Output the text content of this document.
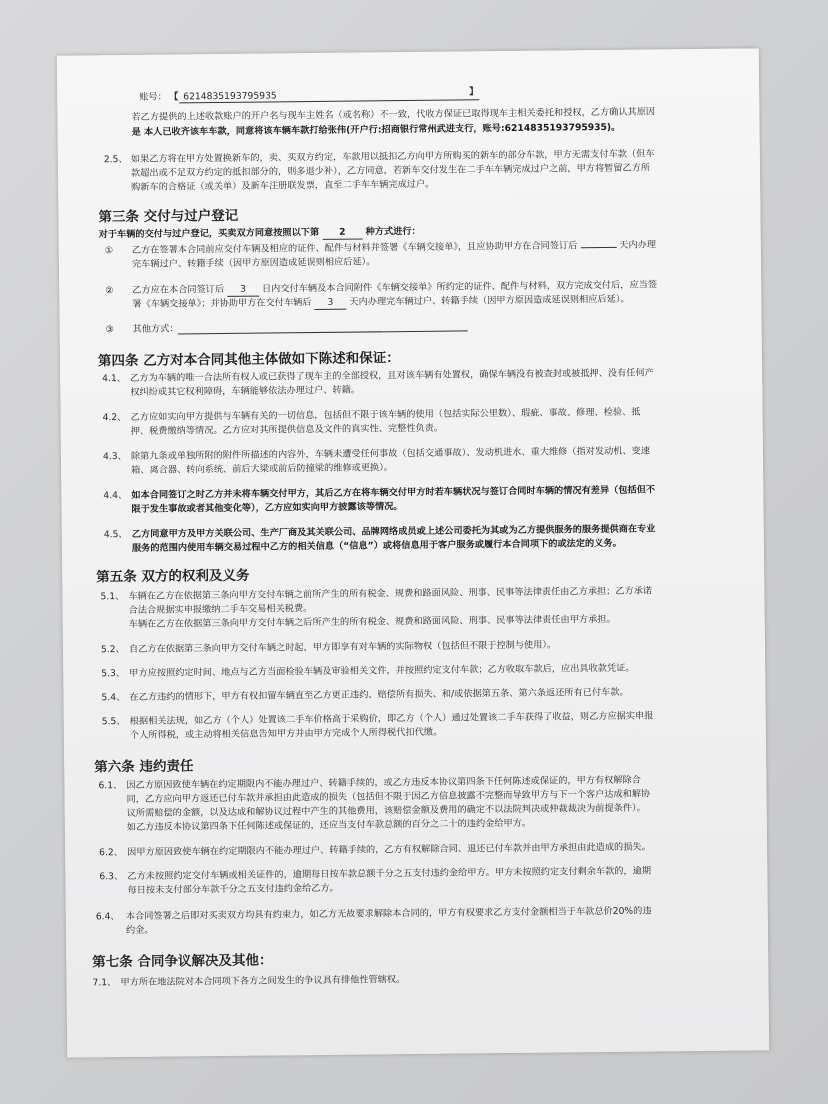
账号： 【 6214835193795935	】
若乙方提供的上述收款账户的开户名与现车主姓名（或名称）不一致，代收方保证已取得现车主相关委托和授权，乙方确认其原因
是 本人已收齐该车车款，同意将该车辆车款打给张伟(开户行:招商银行常州武进支行，账号:6214835193795935)。
2.5、 如果乙方将在甲方处置换新车的，卖、买双方约定，车款用以抵扣乙方向甲方所购买的新车的部分车款，甲方无需支付车款（但车
款超出或不足双方约定的抵扣部分的，则多退少补），乙方同意，若新车交付发生在二手车车辆完成过户之前，甲方将暂留乙方所
购新车的合格证（或关单）及新车注册联发票，直至二手车车辆完成过户。
第三条 交付与过户登记
对于车辆的交付与过户登记，买卖双方同意按照以下第 2 种方式进行：
① 乙方在签署本合同前应交付车辆及相应的证件、配件与材料并签署《车辆交接单》，且应协助甲方在合同签订后	天内办理
完车辆过户、转籍手续（因甲方原因造成延误则相应后延）。
② 乙方应在本合同签订后 3 日内交付车辆及本合同附件《车辆交接单》所约定的证件、配件与材料，双方完成交付后，应当签
署《车辆交接单》；并协助甲方在交付车辆后 3 天内办理完车辆过户、转籍手续（因甲方原因造成延误则相应后延）。
③ 其他方式：
第四条 乙方对本合同其他主体做如下陈述和保证：
4.1、 乙方为车辆的唯一合法所有权人或已获得了现车主的全部授权，且对该车辆有处置权，确保车辆没有被查封或被抵押、没有任何产
权纠纷或其它权利障碍，车辆能够依法办理过户、转籍。
4.2、 乙方应如实向甲方提供与车辆有关的一切信息，包括但不限于该车辆的使用（包括实际公里数）、瑕疵、事故、修理、检验、抵
押、税费缴纳等情况。乙方应对其所提供信息及文件的真实性、完整性负责。
4.3、 除第九条或单独所附的附件所描述的内容外，车辆未遭受任何事故（包括交通事故）、发动机进水、重大维修（指对发动机、变速
箱、离合器、转向系统、前后大梁或前后防撞梁的维修或更换）。
4.4、 如本合同签订之时乙方并未将车辆交付甲方，其后乙方在将车辆交付甲方时若车辆状况与签订合同时车辆的情况有差异（包括但不
限于发生事故或者其他变化等），乙方应如实向甲方披露该等情况。
4.5、 乙方同意甲方及甲方关联公司、生产厂商及其关联公司、品牌网络成员或上述公司委托为其或为乙方提供服务的服务提供商在专业
服务的范围内使用车辆交易过程中乙方的相关信息（“信息”）或将信息用于客户服务或履行本合同项下的或法定的义务。
第五条 双方的权利及义务
5.1、 车辆在乙方在依据第三条向甲方交付车辆之前所产生的所有税金、规费和路面风险、刑事、民事等法律责任由乙方承担；乙方承诺
合法合规据实申报缴纳二手车交易相关税费。
车辆在乙方在依据第三条向甲方交付车辆之后所产生的所有税金、规费和路面风险、刑事、民事等法律责任由甲方承担。
5.2、 自乙方在依据第三条向甲方交付车辆之时起，甲方即享有对车辆的实际物权（包括但不限于控制与使用）。
5.3、 甲方应按照约定时间、地点与乙方当面检验车辆及审验相关文件，并按照约定支付车款；乙方收取车款后，应出具收款凭证。
5.4、 在乙方违约的情形下，甲方有权扣留车辆直至乙方更正违约、赔偿所有损失、和/或依据第五条、第六条返还所有已付车款。
5.5、 根据相关法规，如乙方（个人）处置该二手车价格高于采购价，即乙方（个人）通过处置该二手车获得了收益，则乙方应据实申报
个人所得税，或主动将相关信息告知甲方并由甲方完成个人所得税代扣代缴。
第六条 违约责任
6.1、 因乙方原因致使车辆在约定期限内不能办理过户、转籍手续的，或乙方违反本协议第四条下任何陈述或保证的，甲方有权解除合
同，乙方应向甲方返还已付车款并承担由此造成的损失（包括但不限于因乙方信息披露不完整而导致甲方与下一个客户达成和解协
议所需赔偿的金额，以及达成和解协议过程中产生的其他费用，该赔偿金额及费用的确定不以法院判决或仲裁裁决为前提条件）。
如乙方违反本协议第四条下任何陈述或保证的，还应当支付车款总额的百分之二十的违约金给甲方。
6.2、 因甲方原因致使车辆在约定期限内不能办理过户、转籍手续的，乙方有权解除合同、退还已付车款并由甲方承担由此造成的损失。
6.3、 乙方未按照约定交付车辆或相关证件的，逾期每日按车款总额千分之五支付违约金给甲方。甲方未按照约定支付剩余车款的，逾期
每日按未支付部分车款千分之五支付违约金给乙方。
6.4、 本合同签署之后即对买卖双方均具有约束力，如乙方无故要求解除本合同的，甲方有权要求乙方支付金额相当于车款总价20%的违
约金。
第七条 合同争议解决及其他：
7.1、 甲方所在地法院对本合同项下各方之间发生的争议具有排他性管辖权。
